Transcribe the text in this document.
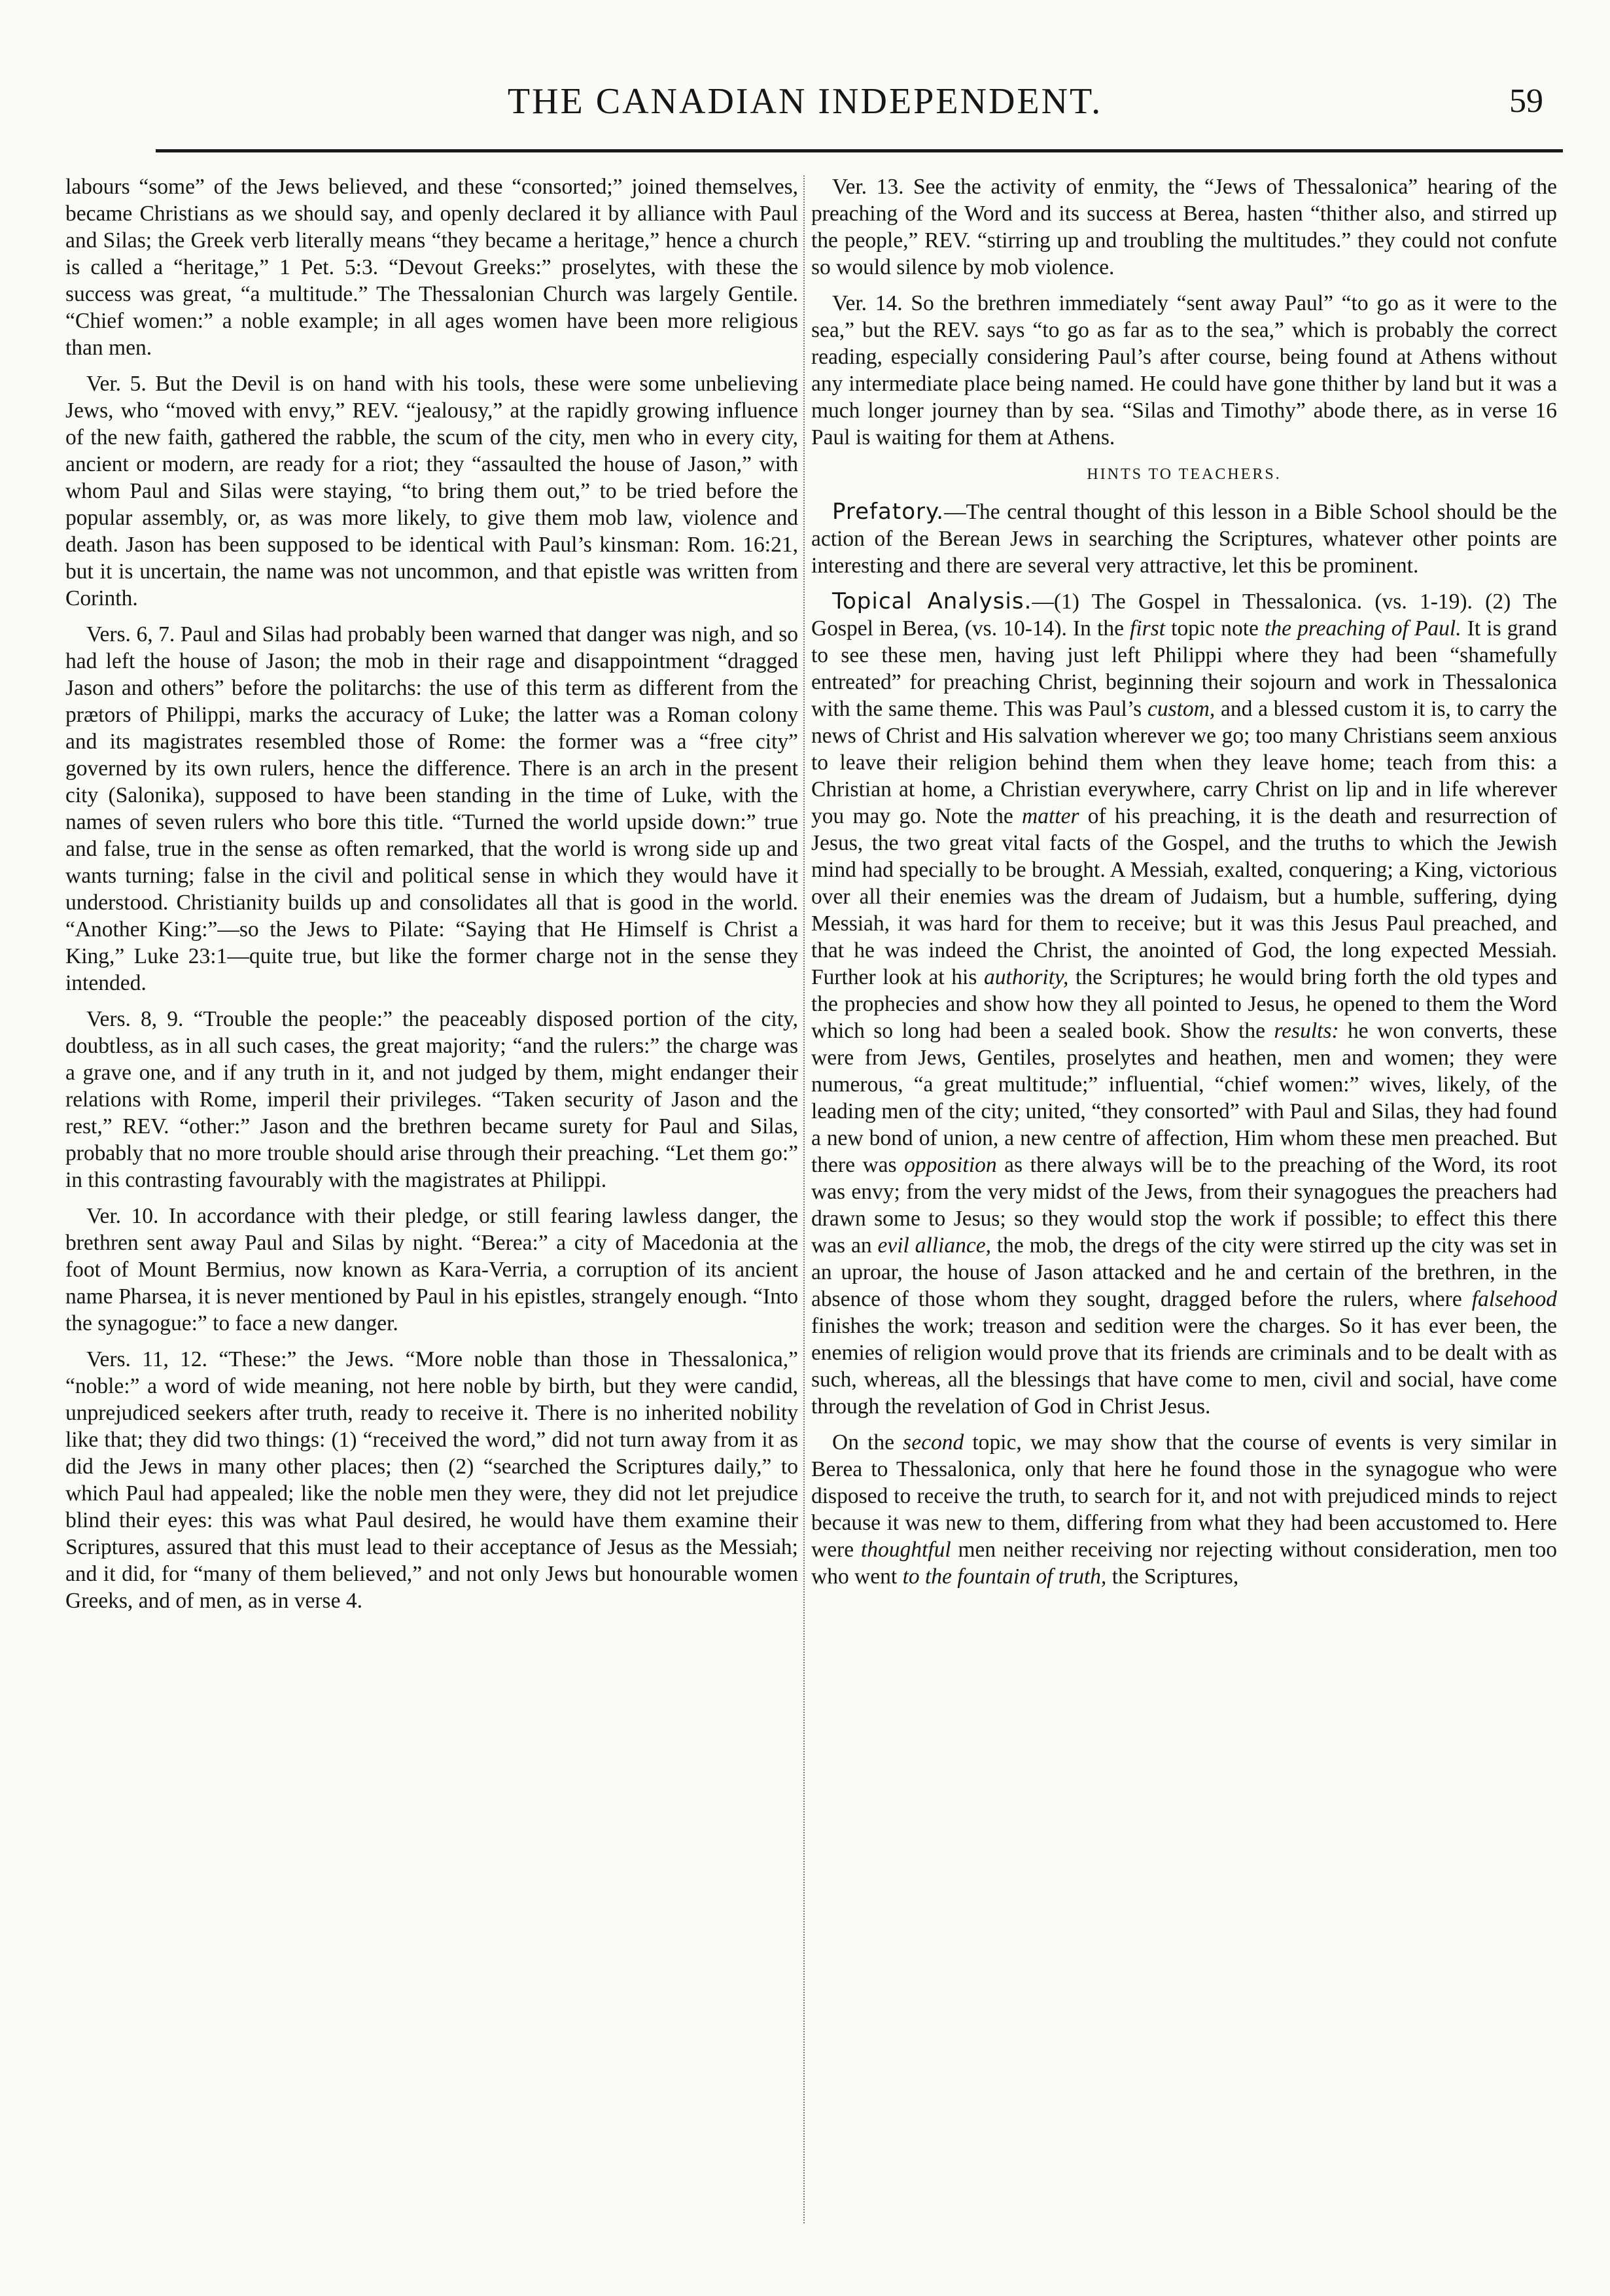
THE CANADIAN INDEPENDENT.	59

labours “some” of the Jews believed, and these “consorted;” joined themselves, became Christians as we should say, and openly declared it by alliance with Paul and Silas; the Greek verb literally means “they became a heritage,” hence a church is called a “heritage,” 1 Pet. 5:3. “Devout Greeks:” proselytes, with these the success was great, “a multitude.” The Thessalonian Church was largely Gentile. “Chief women:” a noble example; in all ages women have been more religious than men.

Ver. 5. But the Devil is on hand with his tools, these were some unbelieving Jews, who “moved with envy,” REV. “jealousy,” at the rapidly growing influence of the new faith, gathered the rabble, the scum of the city, men who in every city, ancient or modern, are ready for a riot; they “assaulted the house of Jason,” with whom Paul and Silas were staying, “to bring them out,” to be tried before the popular assembly, or, as was more likely, to give them mob law, violence and death. Jason has been supposed to be identical with Paul’s kinsman: Rom. 16:21, but it is uncertain, the name was not uncommon, and that epistle was written from Corinth.

Vers. 6, 7. Paul and Silas had probably been warned that danger was nigh, and so had left the house of Jason; the mob in their rage and disappointment “dragged Jason and others” before the politarchs: the use of this term as different from the prætors of Philippi, marks the accuracy of Luke; the latter was a Roman colony and its magistrates resembled those of Rome: the former was a “free city” governed by its own rulers, hence the difference. There is an arch in the present city (Salonika), supposed to have been standing in the time of Luke, with the names of seven rulers who bore this title. “Turned the world upside down:” true and false, true in the sense as often remarked, that the world is wrong side up and wants turning; false in the civil and political sense in which they would have it understood. Christianity builds up and consolidates all that is good in the world. “Another King:”—so the Jews to Pilate: “Saying that He Himself is Christ a King,” Luke 23:1—quite true, but like the former charge not in the sense they intended.

Vers. 8, 9. “Trouble the people:” the peaceably disposed portion of the city, doubtless, as in all such cases, the great majority; “and the rulers:” the charge was a grave one, and if any truth in it, and not judged by them, might endanger their relations with Rome, imperil their privileges. “Taken security of Jason and the rest,” REV. “other:” Jason and the brethren became surety for Paul and Silas, probably that no more trouble should arise through their preaching. “Let them go:” in this contrasting favourably with the magistrates at Philippi.

Ver. 10. In accordance with their pledge, or still fearing lawless danger, the brethren sent away Paul and Silas by night. “Berea:” a city of Macedonia at the foot of Mount Bermius, now known as Kara-Verria, a corruption of its ancient name Pharsea, it is never mentioned by Paul in his epistles, strangely enough. “Into the synagogue:” to face a new danger.

Vers. 11, 12. “These:” the Jews. “More noble than those in Thessalonica,” “noble:” a word of wide meaning, not here noble by birth, but they were candid, unprejudiced seekers after truth, ready to receive it. There is no inherited nobility like that; they did two things: (1) “received the word,” did not turn away from it as did the Jews in many other places; then (2) “searched the Scriptures daily,” to which Paul had appealed; like the noble men they were, they did not let prejudice blind their eyes: this was what Paul desired, he would have them examine their Scriptures, assured that this must lead to their acceptance of Jesus as the Messiah; and it did, for “many of them believed,” and not only Jews but honourable women Greeks, and of men, as in verse 4.

Ver. 13. See the activity of enmity, the “Jews of Thessalonica” hearing of the preaching of the Word and its success at Berea, hasten “thither also, and stirred up the people,” REV. “stirring up and troubling the multitudes.” they could not confute so would silence by mob violence.

Ver. 14. So the brethren immediately “sent away Paul” “to go as it were to the sea,” but the REV. says “to go as far as to the sea,” which is probably the correct reading, especially considering Paul’s after course, being found at Athens without any intermediate place being named. He could have gone thither by land but it was a much longer journey than by sea. “Silas and Timothy” abode there, as in verse 16 Paul is waiting for them at Athens.

HINTS TO TEACHERS.

Prefatory.—The central thought of this lesson in a Bible School should be the action of the Berean Jews in searching the Scriptures, whatever other points are interesting and there are several very attractive, let this be prominent.

Topical Analysis.—(1) The Gospel in Thessalonica. (vs. 1-19). (2) The Gospel in Berea, (vs. 10-14). In the first topic note the preaching of Paul. It is grand to see these men, having just left Philippi where they had been “shamefully entreated” for preaching Christ, beginning their sojourn and work in Thessalonica with the same theme. This was Paul’s custom, and a blessed custom it is, to carry the news of Christ and His salvation wherever we go; too many Christians seem anxious to leave their religion behind them when they leave home; teach from this: a Christian at home, a Christian everywhere, carry Christ on lip and in life wherever you may go. Note the matter of his preaching, it is the death and resurrection of Jesus, the two great vital facts of the Gospel, and the truths to which the Jewish mind had specially to be brought. A Messiah, exalted, conquering; a King, victorious over all their enemies was the dream of Judaism, but a humble, suffering, dying Messiah, it was hard for them to receive; but it was this Jesus Paul preached, and that he was indeed the Christ, the anointed of God, the long expected Messiah. Further look at his authority, the Scriptures; he would bring forth the old types and the prophecies and show how they all pointed to Jesus, he opened to them the Word which so long had been a sealed book. Show the results: he won converts, these were from Jews, Gentiles, proselytes and heathen, men and women; they were numerous, “a great multitude;” influential, “chief women:” wives, likely, of the leading men of the city; united, “they consorted” with Paul and Silas, they had found a new bond of union, a new centre of affection, Him whom these men preached. But there was opposition as there always will be to the preaching of the Word, its root was envy; from the very midst of the Jews, from their synagogues the preachers had drawn some to Jesus; so they would stop the work if possible; to effect this there was an evil alliance, the mob, the dregs of the city were stirred up the city was set in an uproar, the house of Jason attacked and he and certain of the brethren, in the absence of those whom they sought, dragged before the rulers, where falsehood finishes the work; treason and sedition were the charges. So it has ever been, the enemies of religion would prove that its friends are criminals and to be dealt with as such, whereas, all the blessings that have come to men, civil and social, have come through the revelation of God in Christ Jesus.

On the second topic, we may show that the course of events is very similar in Berea to Thessalonica, only that here he found those in the synagogue who were disposed to receive the truth, to search for it, and not with prejudiced minds to reject because it was new to them, differing from what they had been accustomed to. Here were thoughtful men neither receiving nor rejecting without consideration, men too who went to the fountain of truth, the Scriptures,
